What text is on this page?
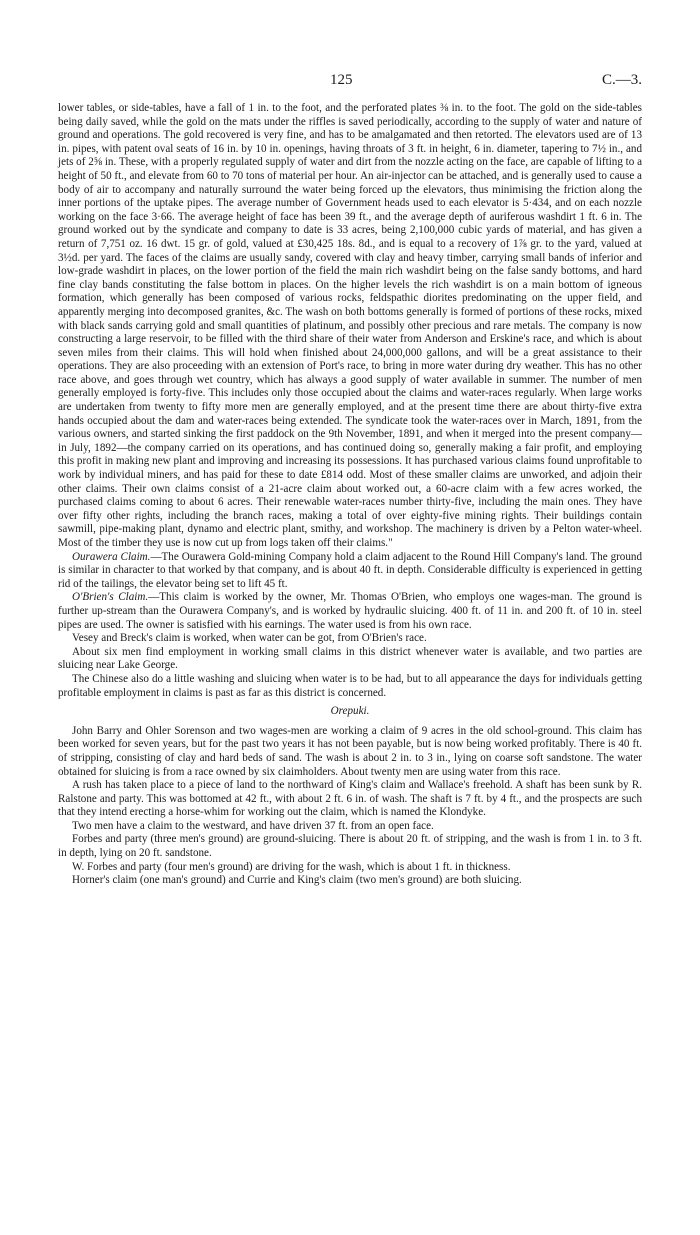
125	C.—3.

lower tables, or side-tables, have a fall of 1 in. to the foot, and the perforated plates ⅜ in. to the foot. The gold on the side-tables being daily saved, while the gold on the mats under the riffles is saved periodically, according to the supply of water and nature of ground and operations. The gold recovered is very fine, and has to be amalgamated and then retorted. The elevators used are of 13 in. pipes, with patent oval seats of 16 in. by 10 in. openings, having throats of 3 ft. in height, 6 in. diameter, tapering to 7½ in., and jets of 2⅝ in. These, with a properly regulated supply of water and dirt from the nozzle acting on the face, are capable of lifting to a height of 50 ft., and elevate from 60 to 70 tons of material per hour. An air-injector can be attached, and is generally used to cause a body of air to accompany and naturally surround the water being forced up the elevators, thus minimising the friction along the inner portions of the uptake pipes. The average number of Government heads used to each elevator is 5·434, and on each nozzle working on the face 3·66. The average height of face has been 39 ft., and the average depth of auriferous washdirt 1 ft. 6 in. The ground worked out by the syndicate and company to date is 33 acres, being 2,100,000 cubic yards of material, and has given a return of 7,751 oz. 16 dwt. 15 gr. of gold, valued at £30,425 18s. 8d., and is equal to a recovery of 1⅞ gr. to the yard, valued at 3½d. per yard. The faces of the claims are usually sandy, covered with clay and heavy timber, carrying small bands of inferior and low-grade washdirt in places, on the lower portion of the field the main rich washdirt being on the false sandy bottoms, and hard fine clay bands constituting the false bottom in places. On the higher levels the rich washdirt is on a main bottom of igneous formation, which generally has been composed of various rocks, feldspathic diorites predominating on the upper field, and apparently merging into decomposed granites, &c. The wash on both bottoms generally is formed of portions of these rocks, mixed with black sands carrying gold and small quantities of platinum, and possibly other precious and rare metals. The company is now constructing a large reservoir, to be filled with the third share of their water from Anderson and Erskine's race, and which is about seven miles from their claims. This will hold when finished about 24,000,000 gallons, and will be a great assistance to their operations. They are also proceeding with an extension of Port's race, to bring in more water during dry weather. This has no other race above, and goes through wet country, which has always a good supply of water available in summer. The number of men generally employed is forty-five. This includes only those occupied about the claims and water-races regularly. When large works are undertaken from twenty to fifty more men are generally employed, and at the present time there are about thirty-five extra hands occupied about the dam and water-races being extended. The syndicate took the water-races over in March, 1891, from the various owners, and started sinking the first paddock on the 9th November, 1891, and when it merged into the present company—in July, 1892—the company carried on its operations, and has continued doing so, generally making a fair profit, and employing this profit in making new plant and improving and increasing its possessions. It has purchased various claims found unprofitable to work by individual miners, and has paid for these to date £814 odd. Most of these smaller claims are unworked, and adjoin their other claims. Their own claims consist of a 21-acre claim about worked out, a 60-acre claim with a few acres worked, the purchased claims coming to about 6 acres. Their renewable water-races number thirty-five, including the main ones. They have over fifty other rights, including the branch races, making a total of over eighty-five mining rights. Their buildings contain sawmill, pipe-making plant, dynamo and electric plant, smithy, and workshop. The machinery is driven by a Pelton water-wheel. Most of the timber they use is now cut up from logs taken off their claims."

Ourawera Claim.—The Ourawera Gold-mining Company hold a claim adjacent to the Round Hill Company's land. The ground is similar in character to that worked by that company, and is about 40 ft. in depth. Considerable difficulty is experienced in getting rid of the tailings, the elevator being set to lift 45 ft.

O'Brien's Claim.—This claim is worked by the owner, Mr. Thomas O'Brien, who employs one wages-man. The ground is further up-stream than the Ourawera Company's, and is worked by hydraulic sluicing. 400 ft. of 11 in. and 200 ft. of 10 in. steel pipes are used. The owner is satisfied with his earnings. The water used is from his own race.

Vesey and Breck's claim is worked, when water can be got, from O'Brien's race.

About six men find employment in working small claims in this district whenever water is available, and two parties are sluicing near Lake George.

The Chinese also do a little washing and sluicing when water is to be had, but to all appearance the days for individuals getting profitable employment in claims is past as far as this district is concerned.

Orepuki.

John Barry and Ohler Sorenson and two wages-men are working a claim of 9 acres in the old school-ground. This claim has been worked for seven years, but for the past two years it has not been payable, but is now being worked profitably. There is 40 ft. of stripping, consisting of clay and hard beds of sand. The wash is about 2 in. to 3 in., lying on coarse soft sandstone. The water obtained for sluicing is from a race owned by six claimholders. About twenty men are using water from this race.

A rush has taken place to a piece of land to the northward of King's claim and Wallace's freehold. A shaft has been sunk by R. Ralstone and party. This was bottomed at 42 ft., with about 2 ft. 6 in. of wash. The shaft is 7 ft. by 4 ft., and the prospects are such that they intend erecting a horse-whim for working out the claim, which is named the Klondyke.

Two men have a claim to the westward, and have driven 37 ft. from an open face.

Forbes and party (three men's ground) are ground-sluicing. There is about 20 ft. of stripping, and the wash is from 1 in. to 3 ft. in depth, lying on 20 ft. sandstone.

W. Forbes and party (four men's ground) are driving for the wash, which is about 1 ft. in thickness.

Horner's claim (one man's ground) and Currie and King's claim (two men's ground) are both sluicing.
